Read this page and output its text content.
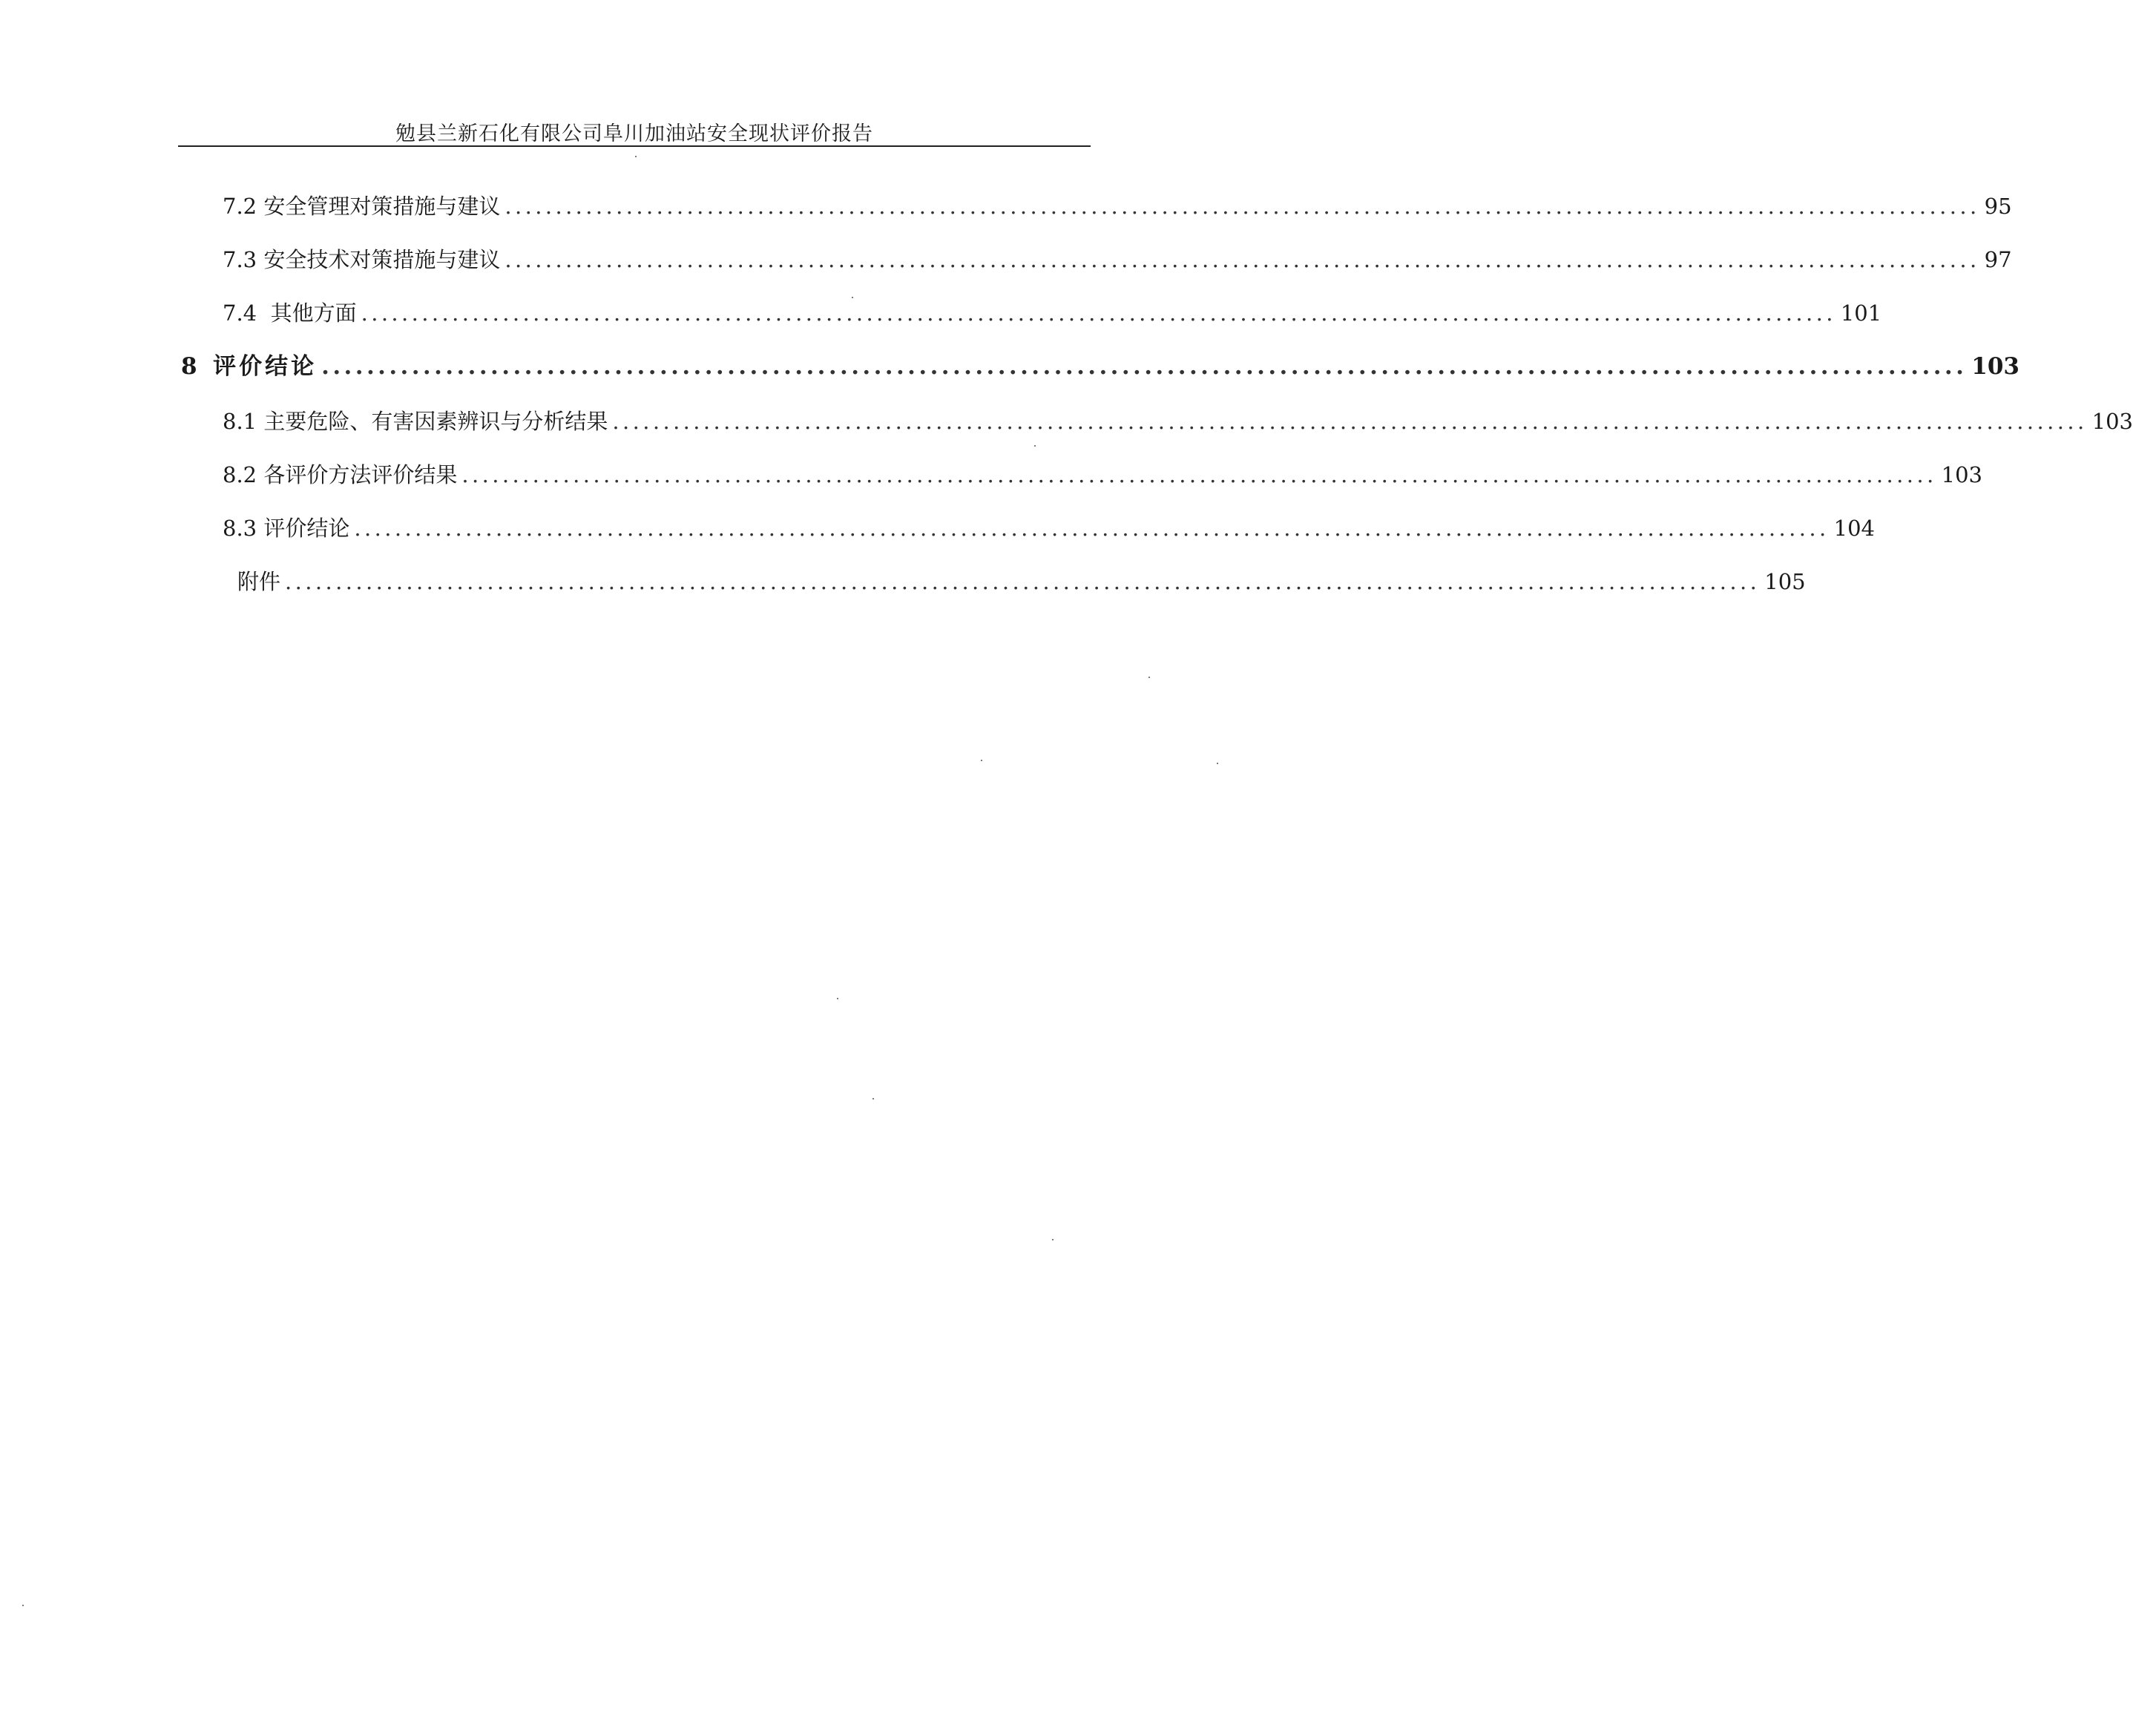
勉县兰新石化有限公司阜川加油站安全现状评价报告
7.2 安全管理对策措施与建议 .................................................................................................................................................. 95
7.3 安全技术对策措施与建议 .................................................................................................................................................. 97
7.4 其他方面 .................................................................................................................................................. 101
8 评价结论 .................................................................................................................................................. 103
8.1 主要危险、有害因素辨识与分析结果 .................................................................................................................................................. 103
8.2 各评价方法评价结果 .................................................................................................................................................. 103
8.3 评价结论 .................................................................................................................................................. 104
附件 .................................................................................................................................................. 105
